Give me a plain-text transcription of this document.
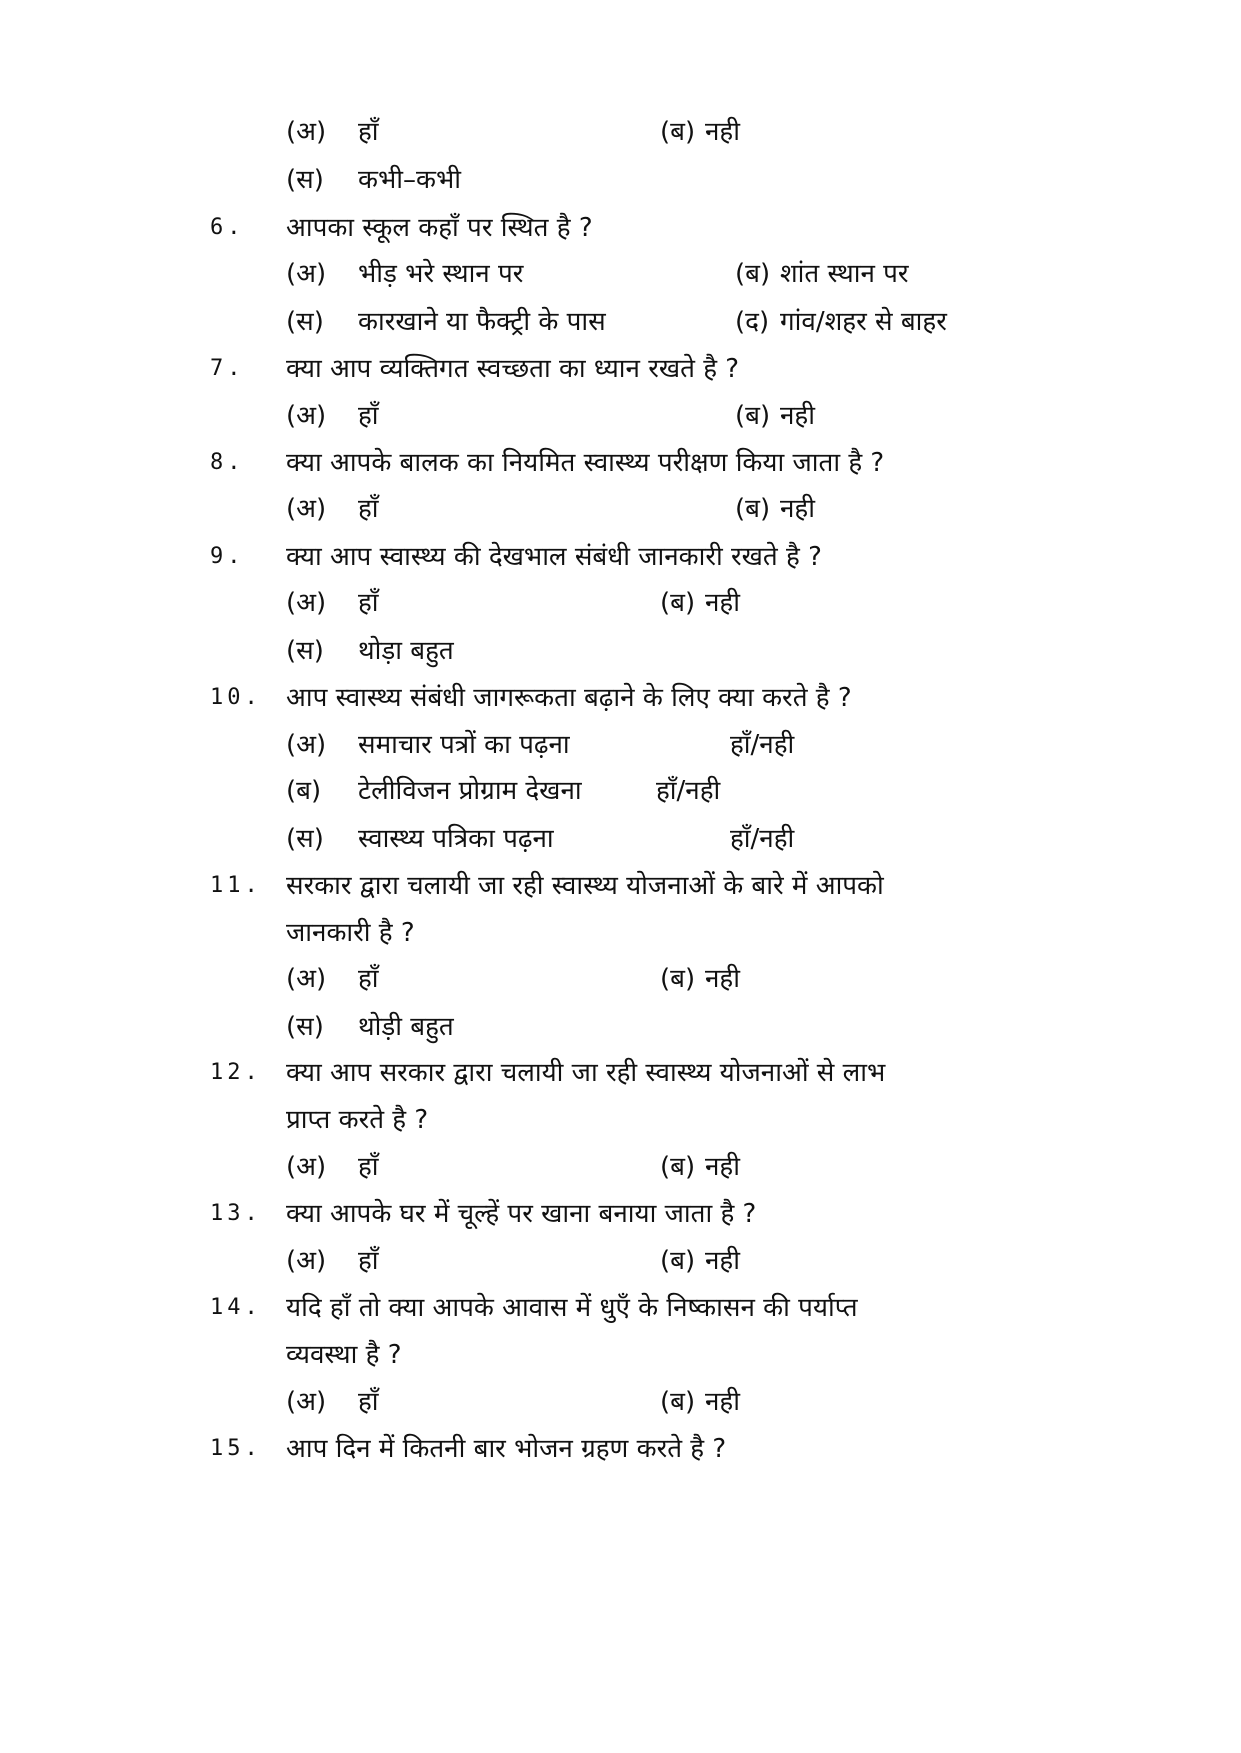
(अ) हाँ	(ब) नही
(स) कभी–कभी
6. आपका स्कूल कहाँ पर स्थित है ?
(अ) भीड़ भरे स्थान पर	(ब) शांत स्थान पर
(स) कारखाने या फैक्ट्री के पास	(द) गांव/शहर से बाहर
7. क्या आप व्यक्तिगत स्वच्छता का ध्यान रखते है ?
(अ) हाँ	(ब) नही
8. क्या आपके बालक का नियमित स्वास्थ्य परीक्षण किया जाता है ?
(अ) हाँ	(ब) नही
9. क्या आप स्वास्थ्य की देखभाल संबंधी जानकारी रखते है ?
(अ) हाँ	(ब) नही
(स) थोड़ा बहुत
10. आप स्वास्थ्य संबंधी जागरूकता बढ़ाने के लिए क्या करते है ?
(अ) समाचार पत्रों का पढ़ना	हाँ/नही
(ब) टेलीविजन प्रोग्राम देखना	हाँ/नही
(स) स्वास्थ्य पत्रिका पढ़ना	हाँ/नही
11. सरकार द्वारा चलायी जा रही स्वास्थ्य योजनाओं के बारे में आपको
जानकारी है ?
(अ) हाँ	(ब) नही
(स) थोड़ी बहुत
12. क्या आप सरकार द्वारा चलायी जा रही स्वास्थ्य योजनाओं से लाभ
प्राप्त करते है ?
(अ) हाँ	(ब) नही
13. क्या आपके घर में चूल्हें पर खाना बनाया जाता है ?
(अ) हाँ	(ब) नही
14. यदि हाँ तो क्या आपके आवास में धुएँ के निष्कासन की पर्याप्त
व्यवस्था है ?
(अ) हाँ	(ब) नही
15. आप दिन में कितनी बार भोजन ग्रहण करते है ?
